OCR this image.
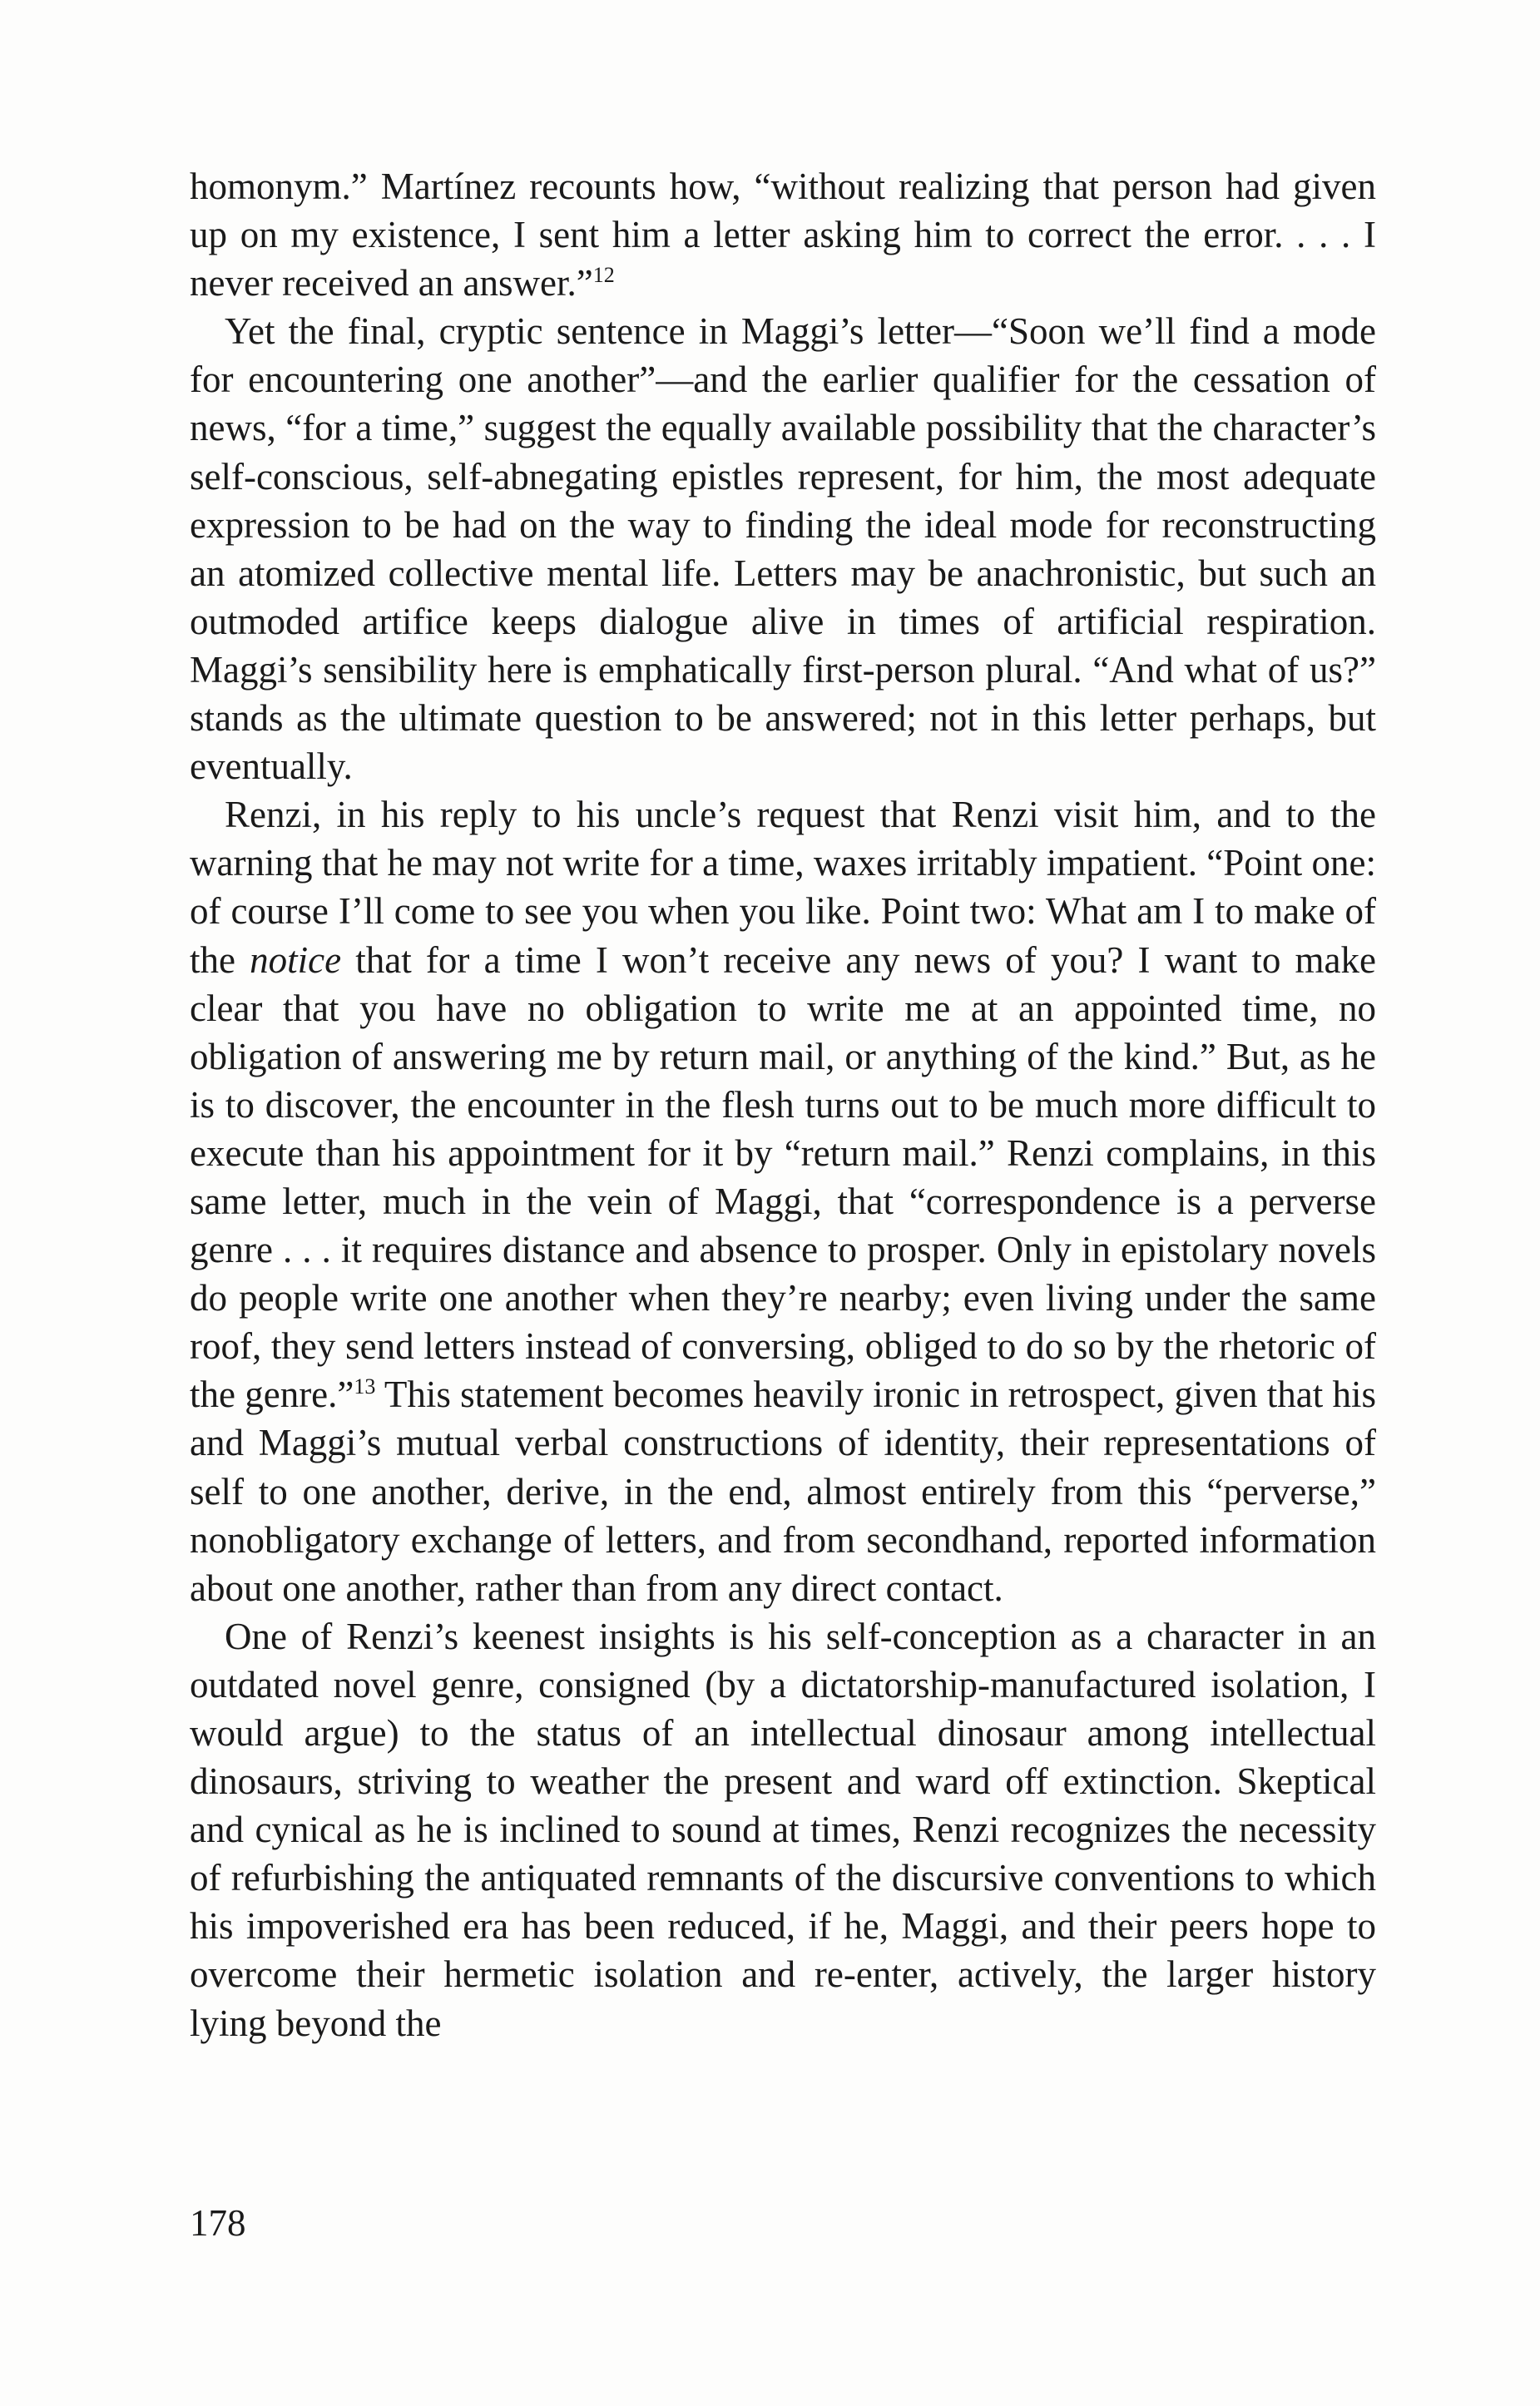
homonym.” Martínez recounts how, “without realizing that person had given up on my existence, I sent him a letter asking him to correct the error. . . . I never received an answer.”$^{12}$

Yet the final, cryptic sentence in Maggi’s letter—“Soon we’ll find a mode for encountering one another”—and the earlier qualifier for the cessation of news, “for a time,” suggest the equally available possibility that the character’s self-conscious, self-abnegating epistles represent, for him, the most adequate expression to be had on the way to finding the ideal mode for reconstructing an atomized collective mental life. Letters may be anachronistic, but such an outmoded artifice keeps dialogue alive in times of artificial respiration. Maggi’s sensibility here is emphatically first-person plural. “And what of us?” stands as the ultimate question to be answered; not in this letter perhaps, but eventually.

Renzi, in his reply to his uncle’s request that Renzi visit him, and to the warning that he may not write for a time, waxes irritably impatient. “Point one: of course I’ll come to see you when you like. Point two: What am I to make of the notice that for a time I won’t receive any news of you? I want to make clear that you have no obligation to write me at an appointed time, no obligation of answering me by return mail, or anything of the kind.” But, as he is to discover, the encounter in the flesh turns out to be much more difficult to execute than his appointment for it by “return mail.” Renzi complains, in this same letter, much in the vein of Maggi, that “correspondence is a perverse genre . . . it requires distance and absence to prosper. Only in epistolary novels do people write one another when they’re nearby; even living under the same roof, they send letters instead of conversing, obliged to do so by the rhetoric of the genre.”$^{13}$ This statement becomes heavily ironic in retrospect, given that his and Maggi’s mutual verbal constructions of identity, their representations of self to one another, derive, in the end, almost entirely from this “perverse,” nonobligatory exchange of letters, and from secondhand, reported information about one another, rather than from any direct contact.

One of Renzi’s keenest insights is his self-conception as a character in an outdated novel genre, consigned (by a dictatorship-manufactured isolation, I would argue) to the status of an intellectual dinosaur among intellectual dinosaurs, striving to weather the present and ward off extinction. Skeptical and cynical as he is inclined to sound at times, Renzi recognizes the necessity of refurbishing the antiquated remnants of the discursive conventions to which his impoverished era has been reduced, if he, Maggi, and their peers hope to overcome their hermetic isolation and re-enter, actively, the larger history lying beyond the

178
